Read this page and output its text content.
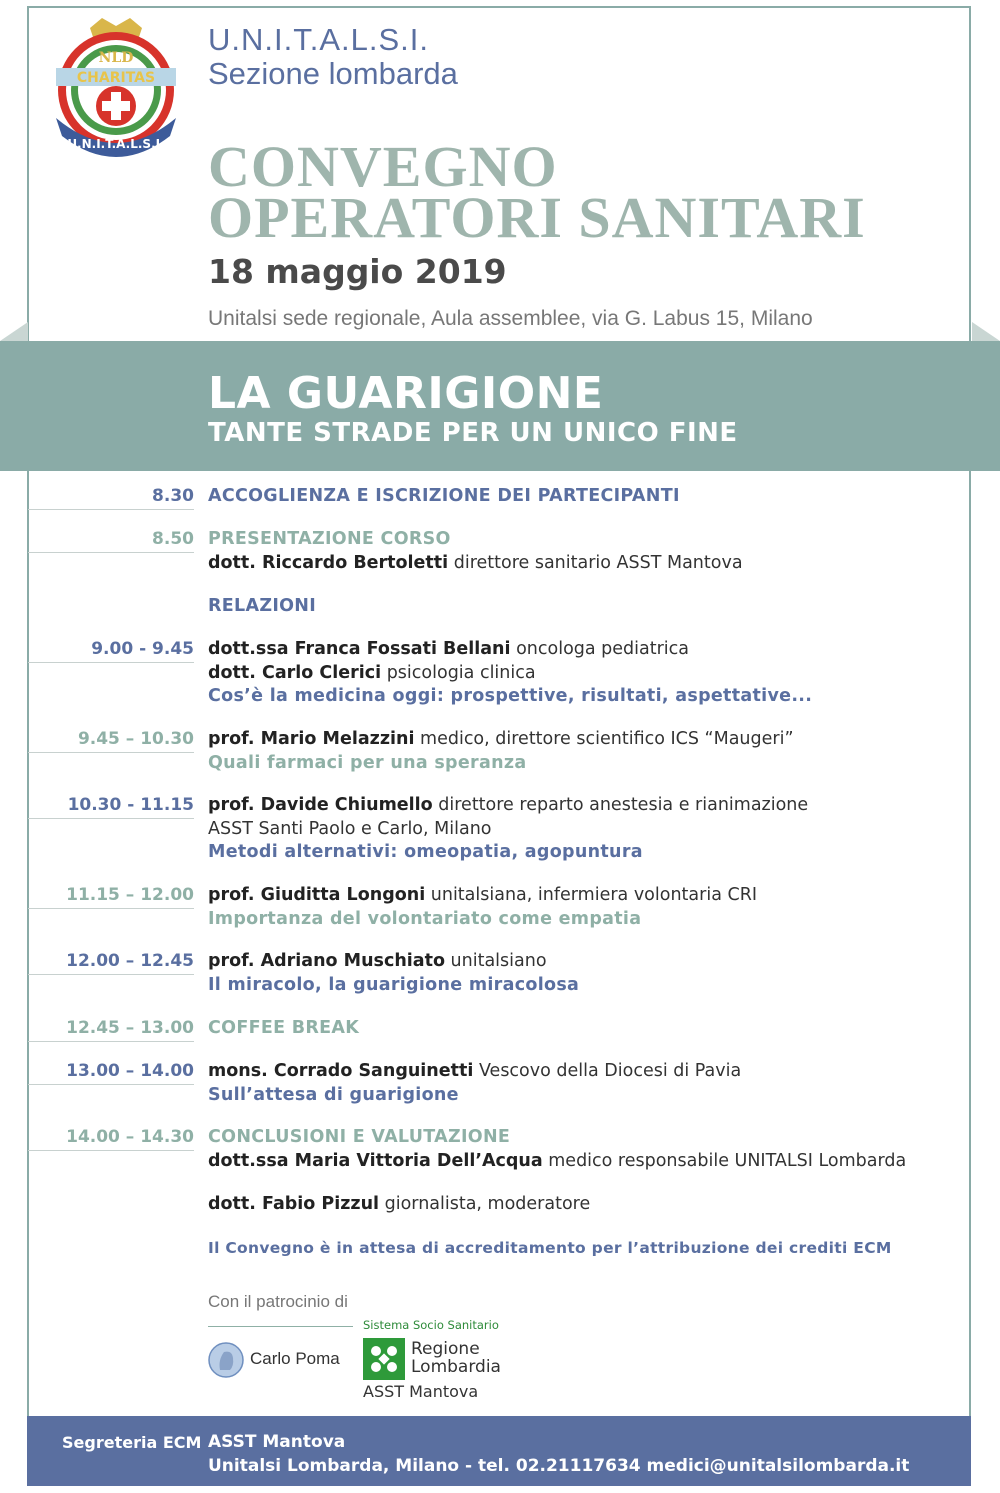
CHARITAS
NLD
U.N.I.T.A.L.S.I.
U.N.I.T.A.L.S.I.
Sezione lombarda
CONVEGNO
OPERATORI SANITARI
18 maggio 2019
Unitalsi sede regionale, Aula assemblee, via G. Labus 15, Milano
LA GUARIGIONE
TANTE STRADE PER UN UNICO FINE
8.30 ACCOGLIENZA E ISCRIZIONE DEI PARTECIPANTI
8.50 PRESENTAZIONE CORSO
dott. Riccardo Bertoletti direttore sanitario ASST Mantova
RELAZIONI
9.00 - 9.45 dott.ssa Franca Fossati Bellani oncologa pediatrica
dott. Carlo Clerici psicologia clinica
Cos’è la medicina oggi: prospettive, risultati, aspettative...
9.45 – 10.30 prof. Mario Melazzini medico, direttore scientifico ICS “Maugeri”
Quali farmaci per una speranza
10.30 - 11.15 prof. Davide Chiumello direttore reparto anestesia e rianimazione
ASST Santi Paolo e Carlo, Milano
Metodi alternativi: omeopatia, agopuntura
11.15 – 12.00 prof. Giuditta Longoni unitalsiana, infermiera volontaria CRI
Importanza del volontariato come empatia
12.00 – 12.45 prof. Adriano Muschiato unitalsiano
Il miracolo, la guarigione miracolosa
12.45 – 13.00 COFFEE BREAK
13.00 – 14.00 mons. Corrado Sanguinetti Vescovo della Diocesi di Pavia
Sull’attesa di guarigione
14.00 – 14.30 CONCLUSIONI E VALUTAZIONE
dott.ssa Maria Vittoria Dell’Acqua medico responsabile UNITALSI Lombarda
dott. Fabio Pizzul giornalista, moderatore
Il Convegno è in attesa di accreditamento per l’attribuzione dei crediti ECM
Con il patrocinio di
Carlo Poma
Sistema Socio Sanitario
Regione
Lombardia
ASST Mantova
Segreteria ECM ASST Mantova
Unitalsi Lombarda, Milano - tel. 02.21117634 medici@unitalsilombarda.it
